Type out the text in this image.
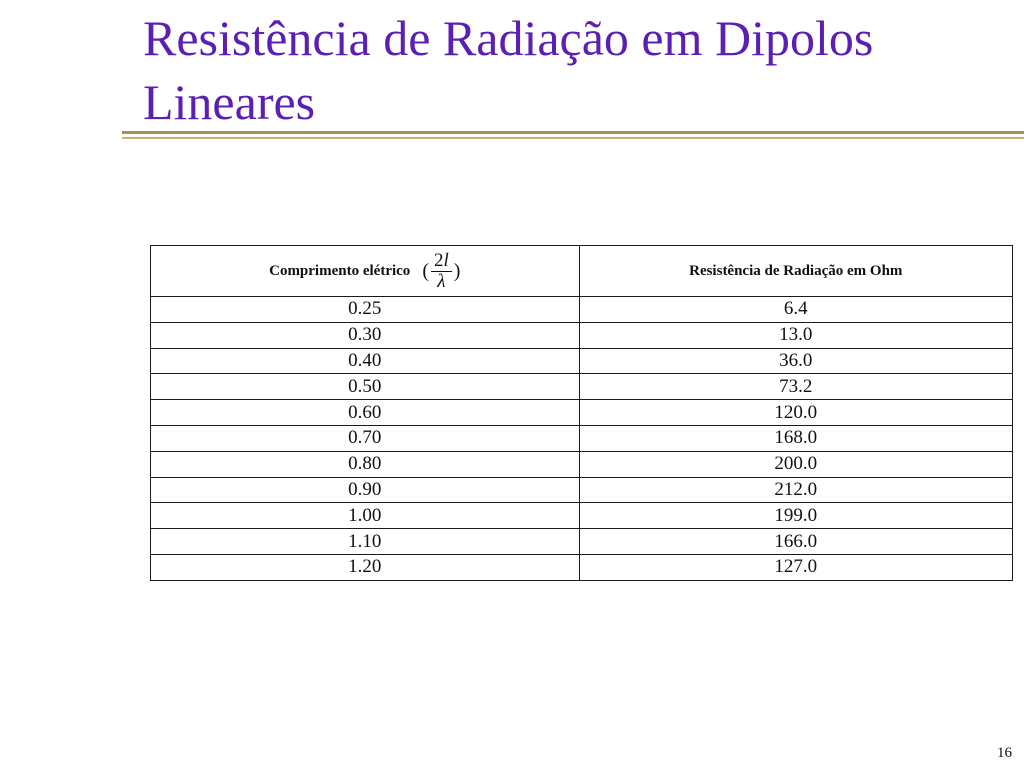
Resistência de Radiação em Dipolos Lineares
Comprimento elétrico ( $\frac{2l}{\lambda}$ )	Resistência de Radiação em Ohm
0.25	6.4
0.30	13.0
0.40	36.0
0.50	73.2
0.60	120.0
0.70	168.0
0.80	200.0
0.90	212.0
1.00	199.0
1.10	166.0
1.20	127.0
16
